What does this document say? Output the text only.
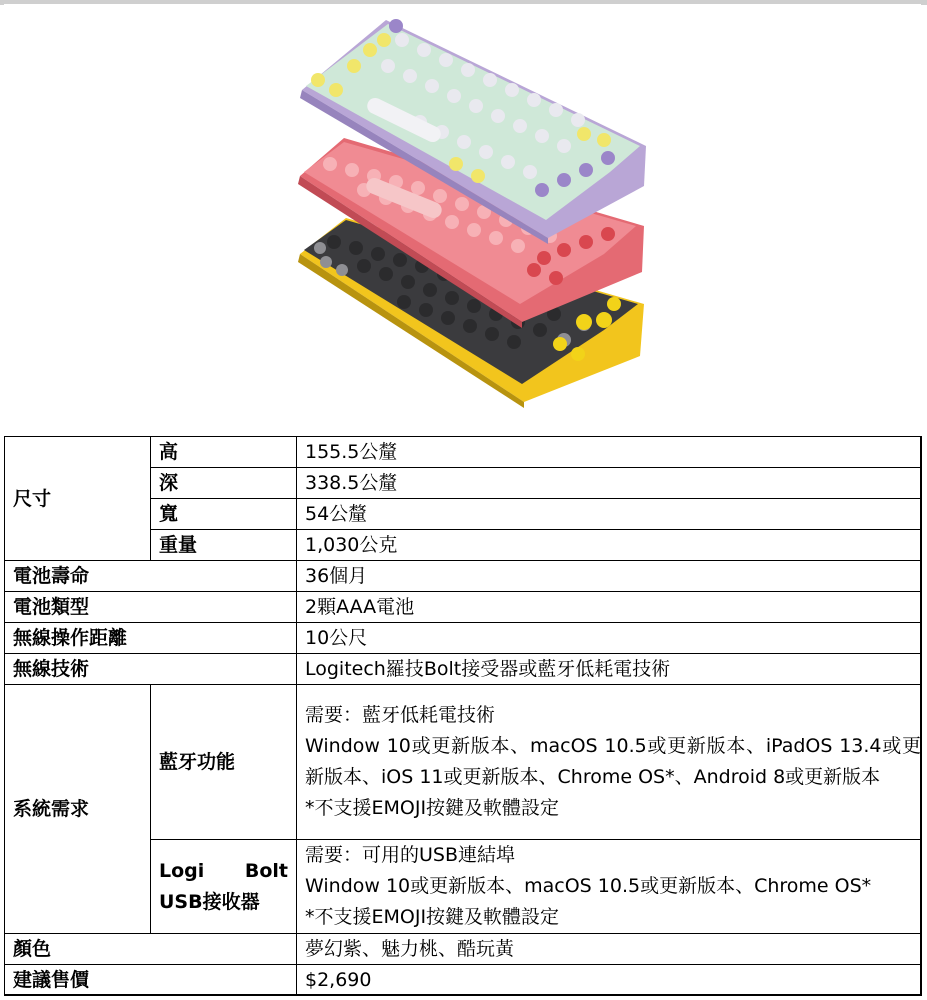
尺寸	高	155.5公釐
	深	338.5公釐
	寬	54公釐
	重量	1,030公克
電池壽命		36個月
電池類型		2顆AAA電池
無線操作距離		10公尺
無線技術		Logitech羅技Bolt接受器或藍牙低耗電技術
系統需求	藍牙功能	需要：藍牙低耗電技術
Window 10或更新版本、macOS 10.5或更新版本、iPadOS 13.4或更新版本、iOS 11或更新版本、Chrome OS*、Android 8或更新版本
*不支援EMOJI按鍵及軟體設定

	Logi Bolt
USB接收器	需要：可用的USB連結埠
Window 10或更新版本、macOS 10.5或更新版本、Chrome OS*
*不支援EMOJI按鍵及軟體設定

顏色		夢幻紫、魅力桃、酷玩黃
建議售價		$2,690
